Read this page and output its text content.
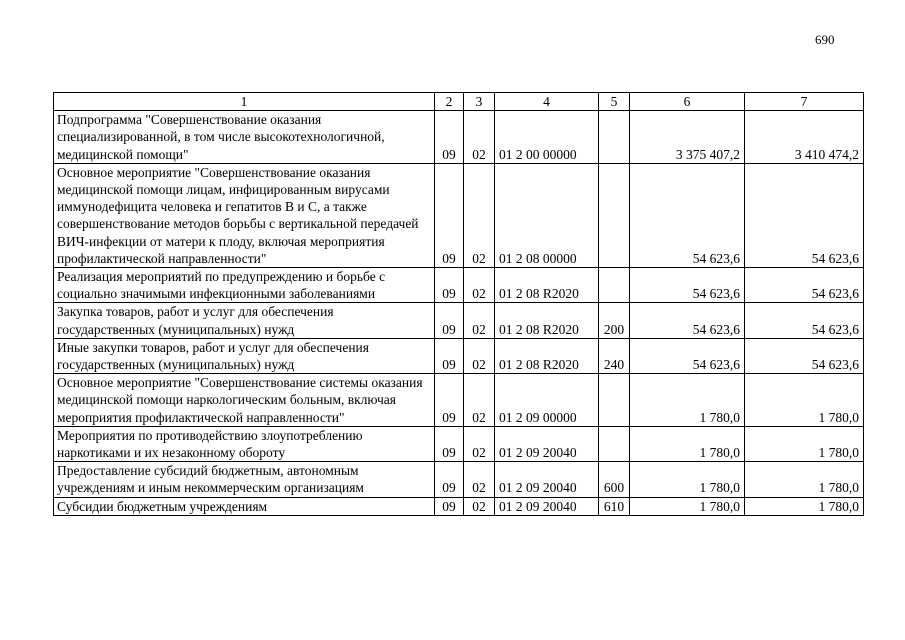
690
1	2	3	4	5	6	7
Подпрограмма "Совершенствование оказания специализированной, в том числе высокотехнологичной, медицинской помощи"	09	02	01 2 00 00000		3 375 407,2	3 410 474,2
Основное мероприятие "Совершенствование оказания медицинской помощи лицам, инфицированным вирусами иммунодефицита человека и гепатитов В и С, а также совершенствование методов борьбы с вертикальной передачей ВИЧ-инфекции от матери к плоду, включая мероприятия профилактической направленности"	09	02	01 2 08 00000		54 623,6	54 623,6
Реализация мероприятий по предупреждению и борьбе с социально значимыми инфекционными заболеваниями	09	02	01 2 08 R2020		54 623,6	54 623,6
Закупка товаров, работ и услуг для обеспечения государственных (муниципальных) нужд	09	02	01 2 08 R2020	200	54 623,6	54 623,6
Иные закупки товаров, работ и услуг для обеспечения государственных (муниципальных) нужд	09	02	01 2 08 R2020	240	54 623,6	54 623,6
Основное мероприятие "Совершенствование системы оказания медицинской помощи наркологическим больным, включая мероприятия профилактической направленности"	09	02	01 2 09 00000		1 780,0	1 780,0
Мероприятия по противодействию злоупотреблению наркотиками и их незаконному обороту	09	02	01 2 09 20040		1 780,0	1 780,0
Предоставление субсидий бюджетным, автономным учреждениям и иным некоммерческим организациям	09	02	01 2 09 20040	600	1 780,0	1 780,0
Субсидии бюджетным учреждениям	09	02	01 2 09 20040	610	1 780,0	1 780,0
